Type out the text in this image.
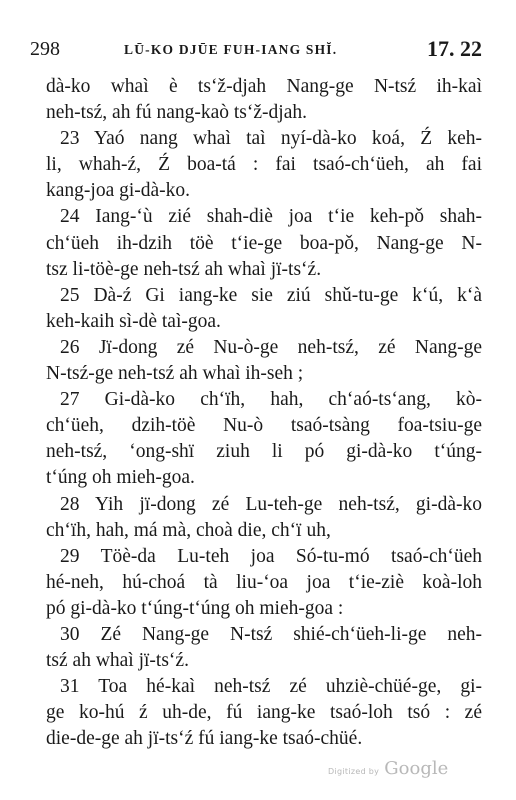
298	LŪ-KO DJŪE FUH-IANG SHĬ.	17. 22
dà-ko whaì è ts‘ž-djah Nang-ge N-tsź ih-kaì
neh-tsź, ah fú nang-kaò ts‘ž-djah.
23 Yaó nang whaì taì nyí-dà-ko koá, Ź keh-
li, whah-ź, Ź boa-tá : fai tsaó-ch‘üeh, ah fai
kang-joa gi-dà-ko.
24 Iang-‘ù zié shah-diè joa t‘ie keh-pǒ shah-
ch‘üeh ih-dzih töè t‘ie-ge boa-pǒ, Nang-ge N-
tsz li-töè-ge neh-tsź ah whaì jï-ts‘ź.
25 Dà-ź Gi iang-ke sie ziú shǔ-tu-ge k‘ú, k‘à
keh-kaih sì-dè taì-goa.
26 Jï-dong zé Nu-ò-ge neh-tsź, zé Nang-ge
N-tsź-ge neh-tsź ah whaì ih-seh ;
27 Gi-dà-ko ch‘ïh, hah, ch‘aó-ts‘ang, kò-
ch‘üeh, dzih-töè Nu-ò tsaó-tsàng foa-tsiu-ge
neh-tsź, ‘ong-shï ziuh li pó gi-dà-ko t‘úng-
t‘úng oh mieh-goa.
28 Yih jï-dong zé Lu-teh-ge neh-tsź, gi-dà-ko
ch‘ïh, hah, má mà, choà die, ch‘ï uh,
29 Töè-da Lu-teh joa Só-tu-mó tsaó-ch‘üeh
hé-neh, hú-choá tà liu-‘oa joa t‘ie-ziè koà-loh
pó gi-dà-ko t‘úng-t‘úng oh mieh-goa :
30 Zé Nang-ge N-tsź shié-ch‘üeh-li-ge neh-
tsź ah whaì jï-ts‘ź.
31 Toa hé-kaì neh-tsź zé uhziè-chüé-ge, gi-
ge ko-hú ź uh-de, fú iang-ke tsaó-loh tsó : zé
die-de-ge ah jï-ts‘ź fú iang-ke tsaó-chüé.
Digitized by Google
